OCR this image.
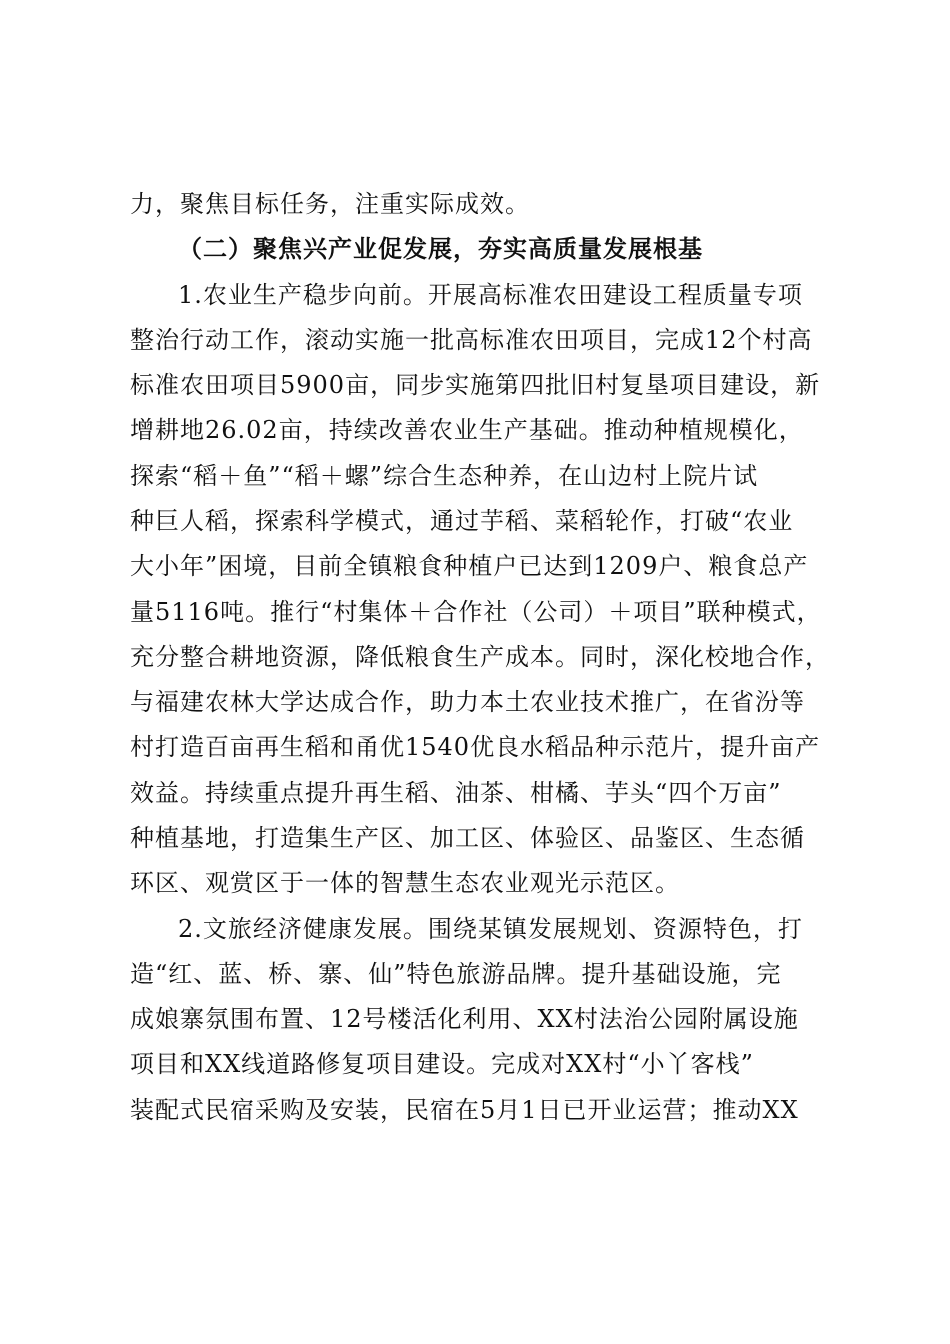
力，聚焦目标任务，注重实际成效。
（二）聚焦兴产业促发展，夯实高质量发展根基
1.农业生产稳步向前。开展高标准农田建设工程质量专项
整治行动工作，滚动实施一批高标准农田项目，完成12个村高
标准农田项目5900亩，同步实施第四批旧村复垦项目建设，新
增耕地26.02亩，持续改善农业生产基础。推动种植规模化，
探索“稻＋鱼”“稻＋螺”综合生态种养，在山边村上院片试
种巨人稻，探索科学模式，通过芋稻、菜稻轮作，打破“农业
大小年”困境，目前全镇粮食种植户已达到1209户、粮食总产
量5116吨。推行“村集体＋合作社（公司）＋项目”联种模式，
充分整合耕地资源，降低粮食生产成本。同时，深化校地合作，
与福建农林大学达成合作，助力本土农业技术推广，在省汾等
村打造百亩再生稻和甬优1540优良水稻品种示范片，提升亩产
效益。持续重点提升再生稻、油茶、柑橘、芋头“四个万亩”
种植基地，打造集生产区、加工区、体验区、品鉴区、生态循
环区、观赏区于一体的智慧生态农业观光示范区。
2.文旅经济健康发展。围绕某镇发展规划、资源特色，打
造“红、蓝、桥、寨、仙”特色旅游品牌。提升基础设施，完
成娘寨氛围布置、12号楼活化利用、XX村法治公园附属设施
项目和XX线道路修复项目建设。完成对XX村“小丫客栈”
装配式民宿采购及安装，民宿在5月1日已开业运营；推动XX
